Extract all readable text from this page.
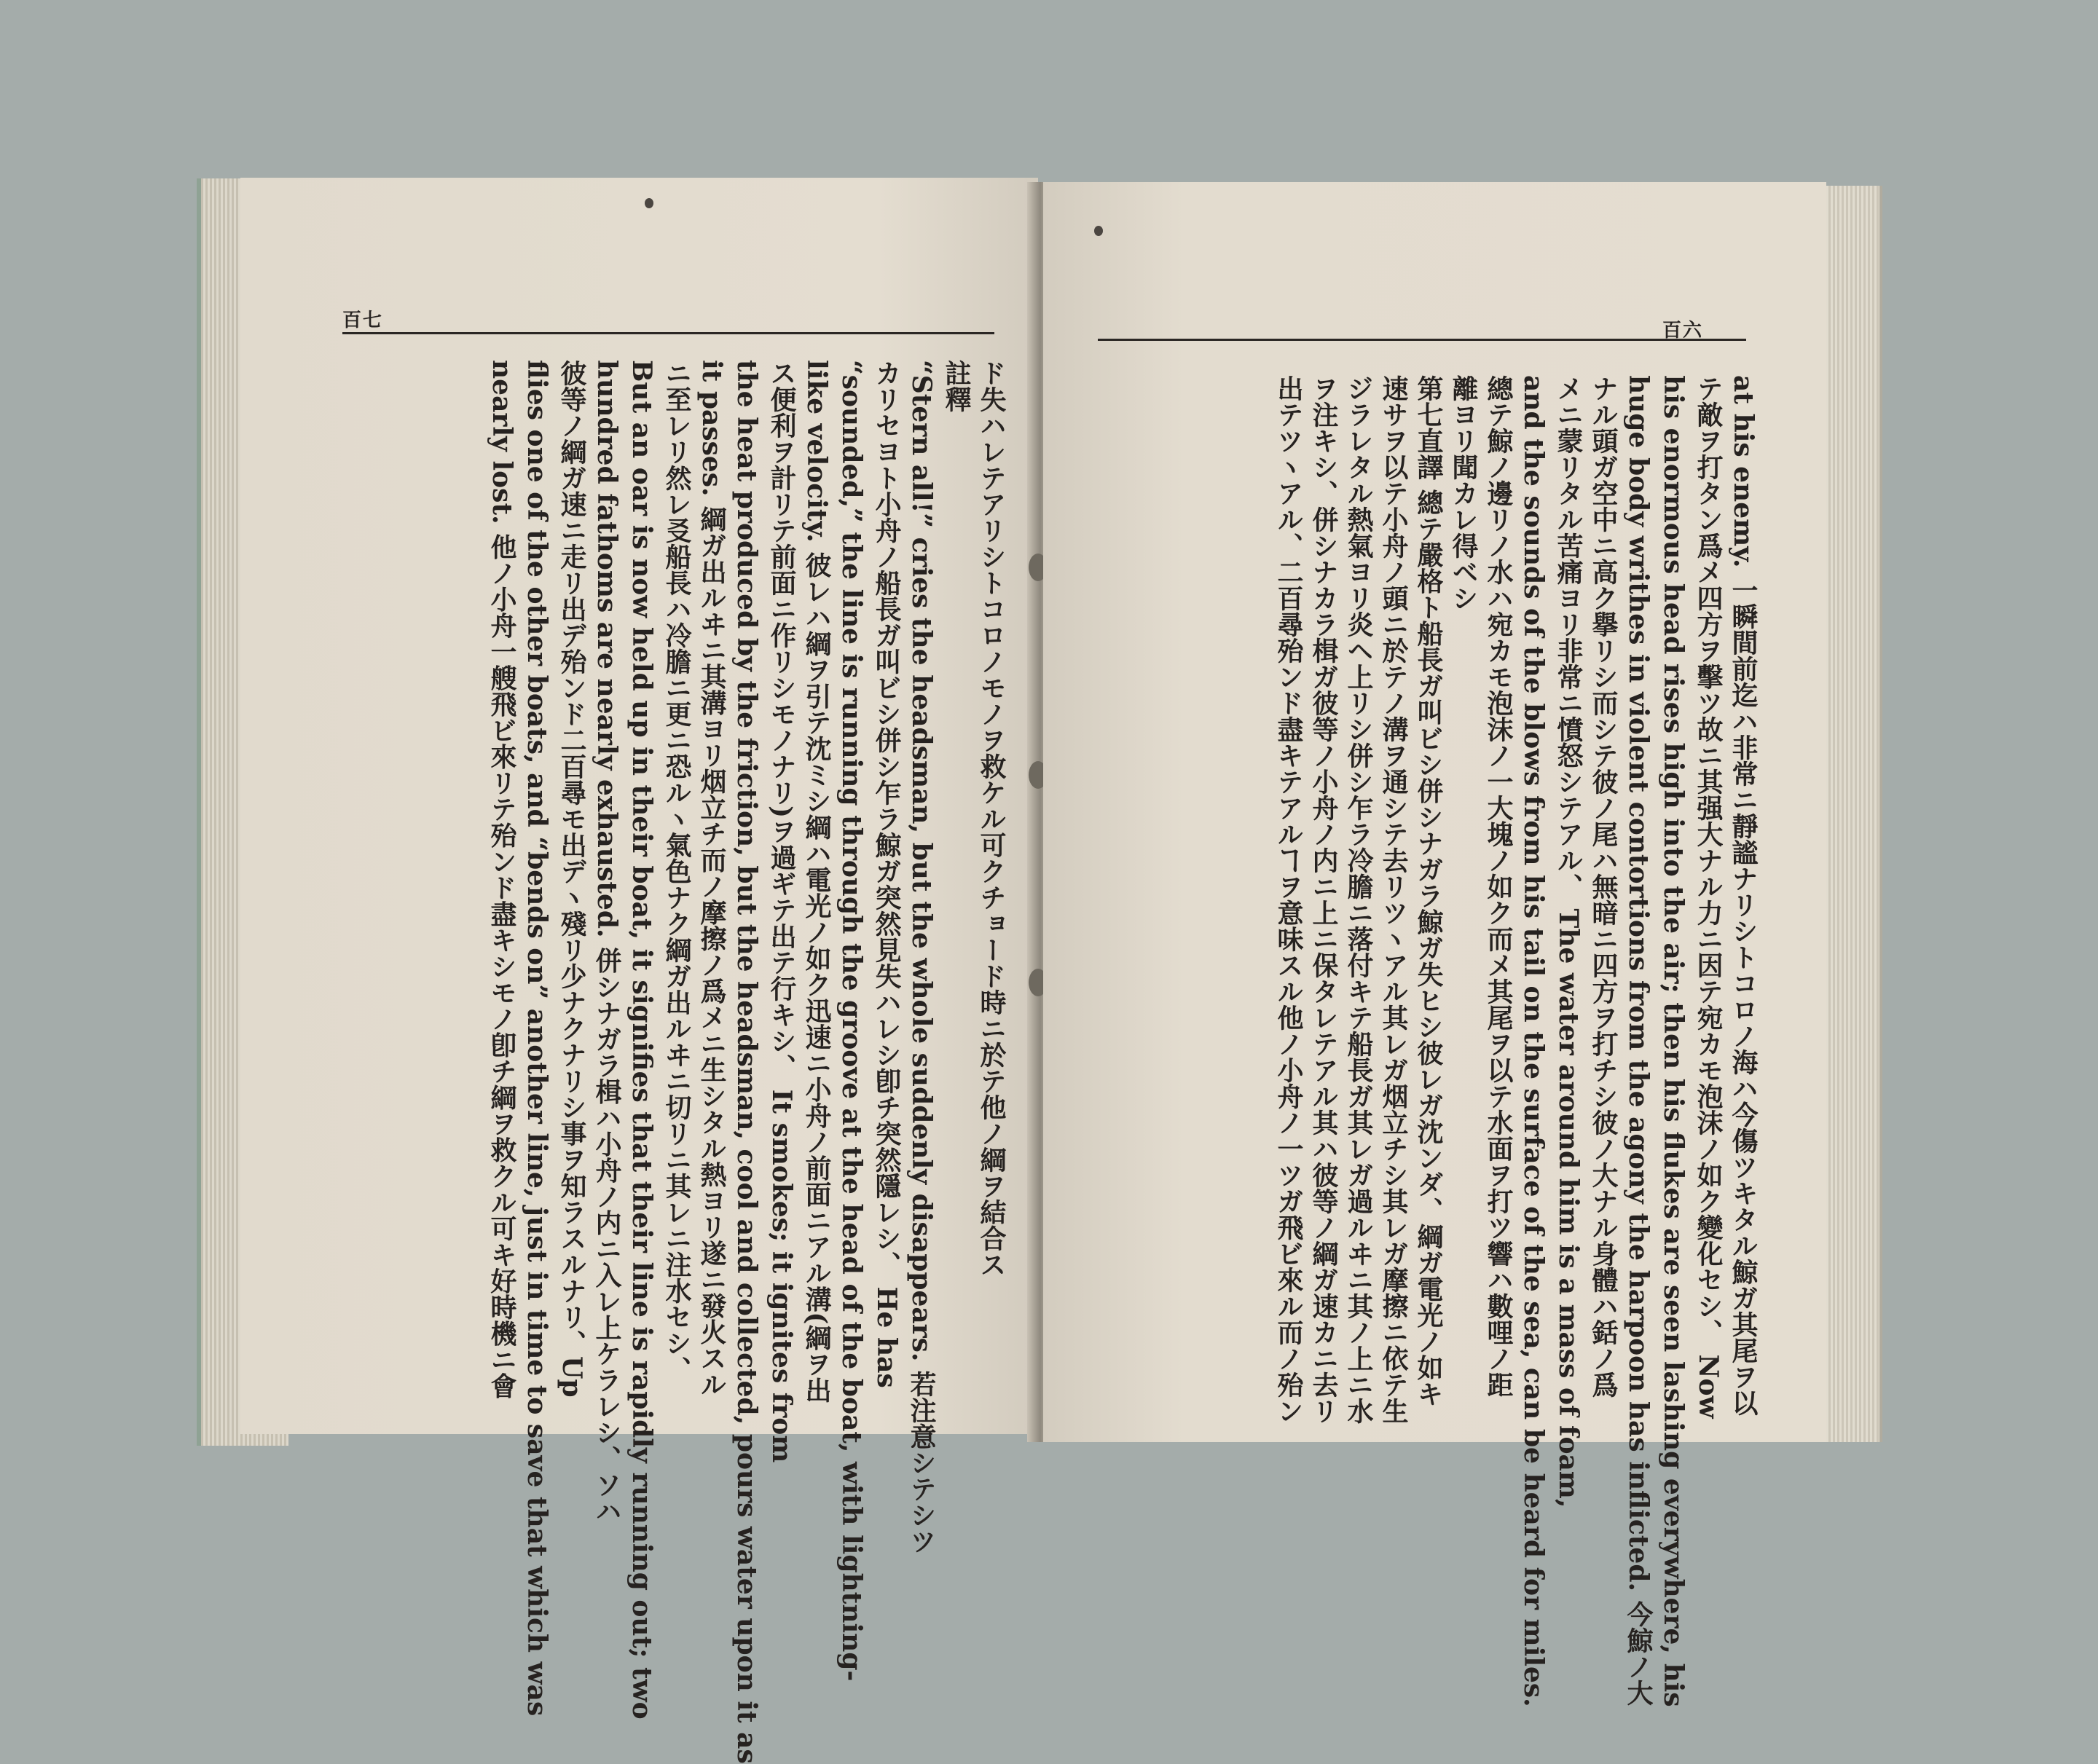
百七
ド失ハレテアリシトコロノモノヲ救ケル可クチョード時ニ於テ他ノ綱ヲ結合ス
註釋
“Stern all!” cries the headsman, but the whole suddenly disappears. 若注意シテシツ
カリセヨト小舟ノ船長ガ叫ビシ併シ乍ラ鯨ガ突然見失ハレシ卽チ突然隱レシ、 He has
“sounded,” the line is running through the groove at the head of the boat, with lightning-
like velocity. 彼レハ綱ヲ引テ沈ミシ綱ハ電光ノ如ク迅速ニ小舟ノ前面ニアル溝(綱ヲ出
ス便利ヲ計リテ前面ニ作リシモノナリ)ヲ過ギテ出テ行キシ、 It smokes; it ignites from
the heat produced by the friction, but the headsman, cool and collected, pours water upon it as
it passes. 綱ガ出ルヰニ其溝ヨリ烟立チ而ノ摩擦ノ爲メニ生シタル熱ヨリ遂ニ發火スル
ニ至レリ然レ㕛船長ハ冷膽ニ更ニ恐ルヽ氣色ナク綱ガ出ルヰニ切リニ其レニ注水セシ、
But an oar is now held up in their boat, it signifies that their line is rapidly running out; two
hundred fathoms are nearly exhausted. 併シナガラ楫ハ小舟ノ内ニ入レ上ケラレシ、ソハ
彼等ノ綱ガ速ニ走リ出デ殆ンド二百尋モ出デヽ殘リ少ナクナリシ事ヲ知ラスルナリ、Up
flies one of the other boats, and “bends on” another line, just in time to save that which was
nearly lost. 他ノ小舟一艘飛ビ來リテ殆ンド盡キシモノ卽チ綱ヲ救クル可キ好時機ニ會
百六
at his enemy. 一瞬間前迄ハ非常ニ靜謐ナリシトコロノ海ハ今傷ツキタル鯨ガ其尾ヲ以
テ敵ヲ打タン爲メ四方ヲ擊ツ故ニ其强大ナル力ニ因テ宛カモ泡沫ノ如ク變化セシ、 Now
his enormous head rises high into the air; then his flukes are seen lashing everywhere, his
huge body writhes in violent contortions from the agony the harpoon has inflicted. 今鯨ノ大
ナル頭ガ空中ニ高ク擧リシ而シテ彼ノ尾ハ無暗ニ四方ヲ打チシ彼ノ大ナル身體ハ銛ノ爲
メニ蒙リタル苦痛ヨリ非常ニ憤怒シテアル、 The water around him is a mass of foam,
and the sounds of the blows from his tail on the surface of the sea, can be heard for miles.
總テ鯨ノ邊リノ水ハ宛カモ泡沫ノ一大塊ノ如ク而メ其尾ヲ以テ水面ヲ打ツ響ハ數哩ノ距
離ヨリ聞カレ得ベシ
第七直譯 總テ嚴格ト船長ガ叫ビシ併シナガラ鯨ガ失ヒシ彼レガ沈ンダ、綱ガ電光ノ如キ
速サヲ以テ小舟ノ頭ニ於テノ溝ヲ通シテ去リツヽアル其レガ烟立チシ其レガ摩擦ニ依テ生
ジラレタル熱氣ヨリ炎ヘ上リシ併シ乍ラ冷膽ニ落付キテ船長ガ其レガ過ルヰニ其ノ上ニ水
ヲ注キシ、併シナカラ楫ガ彼等ノ小舟ノ内ニ上ニ保タレテアル其ハ彼等ノ綱ガ速カニ去リ
出テツヽアル、二百尋殆ンド盡キテアルヿヲ意味スル他ノ小舟ノ一ツガ飛ビ來ル而ノ殆ン
